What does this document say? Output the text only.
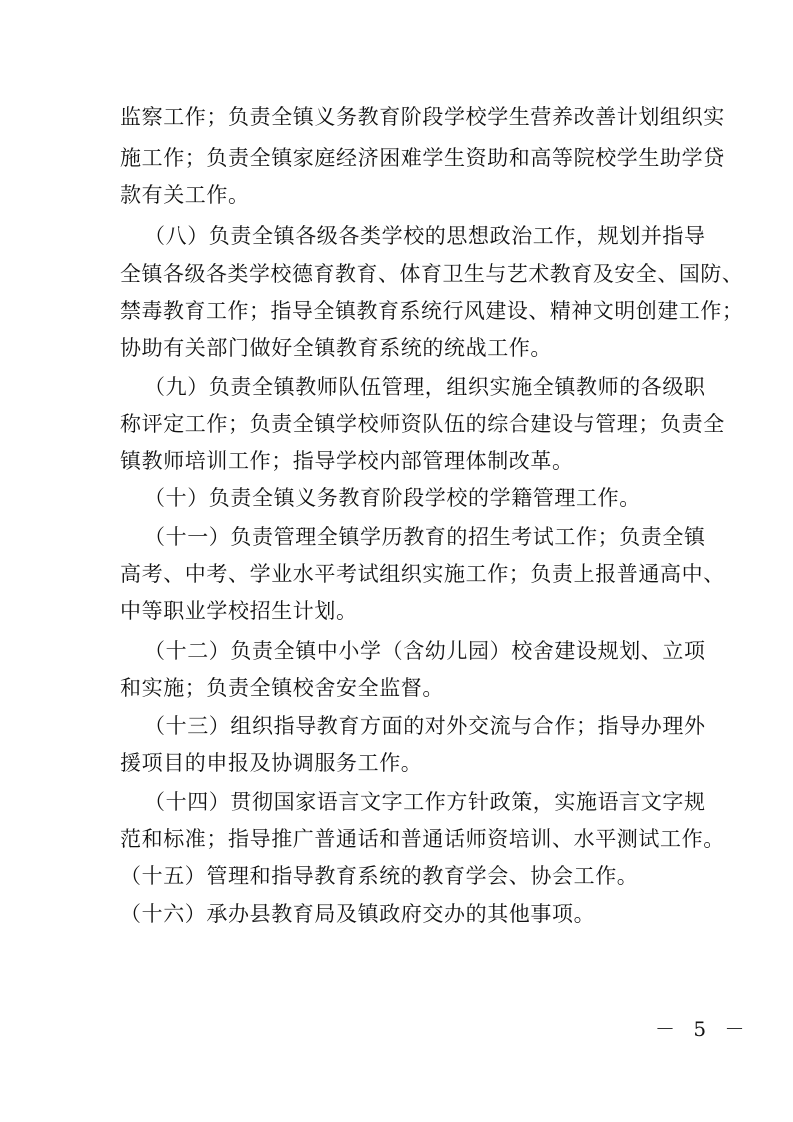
监察工作；负责全镇义务教育阶段学校学生营养改善计划组织实
施工作；负责全镇家庭经济困难学生资助和高等院校学生助学贷
款有关工作。
（八）负责全镇各级各类学校的思想政治工作，规划并指导
全镇各级各类学校德育教育、体育卫生与艺术教育及安全、国防、
禁毒教育工作；指导全镇教育系统行风建设、精神文明创建工作；
协助有关部门做好全镇教育系统的统战工作。
（九）负责全镇教师队伍管理，组织实施全镇教师的各级职
称评定工作；负责全镇学校师资队伍的综合建设与管理；负责全
镇教师培训工作；指导学校内部管理体制改革。
（十）负责全镇义务教育阶段学校的学籍管理工作。
（十一）负责管理全镇学历教育的招生考试工作；负责全镇
高考、中考、学业水平考试组织实施工作；负责上报普通高中、
中等职业学校招生计划。
（十二）负责全镇中小学（含幼儿园）校舍建设规划、立项
和实施；负责全镇校舍安全监督。
（十三）组织指导教育方面的对外交流与合作；指导办理外
援项目的申报及协调服务工作。
（十四）贯彻国家语言文字工作方针政策，实施语言文字规
范和标准；指导推广普通话和普通话师资培训、水平测试工作。
（十五）管理和指导教育系统的教育学会、协会工作。
（十六）承办县教育局及镇政府交办的其他事项。
－ 5 －
